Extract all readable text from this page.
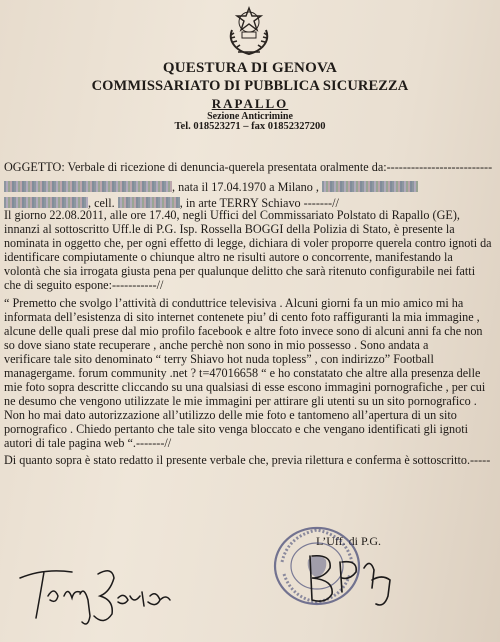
QUESTURA DI GENOVA
COMMISSARIATO DI PUBBLICA SICUREZZA
RAPALLO
Sezione Anticrimine
Tel. 018523271 – fax 01852327200
OGGETTO: Verbale di ricezione di denuncia-querela presentata oralmente da:--------------------------
, nata il 17.04.1970 a Milano ,
, cell.	, in arte TERRY Schiavo -------//
Il giorno 22.08.2011, alle ore 17.40, negli Uffici del Commissariato Polstato di Rapallo (GE),
innanzi al sottoscritto Uff.le di P.G. Isp. Rossella BOGGI della Polizia di Stato, è presente la
nominata in oggetto che, per ogni effetto di legge, dichiara di voler proporre querela contro ignoti da
identificare compiutamente o chiunque altro ne risulti autore o concorrente, manifestando la
volontà che sia irrogata giusta pena per qualunque delitto che sarà ritenuto configurabile nei fatti
che di seguito espone:-----------//
“ Premetto che svolgo l’attività di conduttrice televisiva . Alcuni giorni fa un mio amico mi ha
informata dell’esistenza di sito internet contenete piu’ di cento foto raffiguranti la mia immagine ,
alcune delle quali prese dal mio profilo facebook e altre foto invece sono di alcuni anni fa che non
so dove siano state recuperare , anche perchè non sono in mio possesso . Sono andata a
verificare tale sito denominato “ terry Shiavo hot nuda topless” , con indirizzo” Football
managergame. forum community .net ? t=47016658 “ e ho constatato che altre alla presenza delle
mie foto sopra descritte cliccando su una qualsiasi di esse escono immagini pornografiche , per cui
ne desumo che vengono utilizzate le mie immagini per attirare gli utenti su un sito pornografico .
Non ho mai dato autorizzazione all’utilizzo delle mie foto e tantomeno all’apertura di un sito
pornografico . Chiedo pertanto che tale sito venga bloccato e che vengano identificati gli ignoti
autori di tale pagina web “.-------//
Di quanto sopra è stato redatto il presente verbale che, previa rilettura e conferma è sottoscritto.-----
L’Uff. di P.G.
